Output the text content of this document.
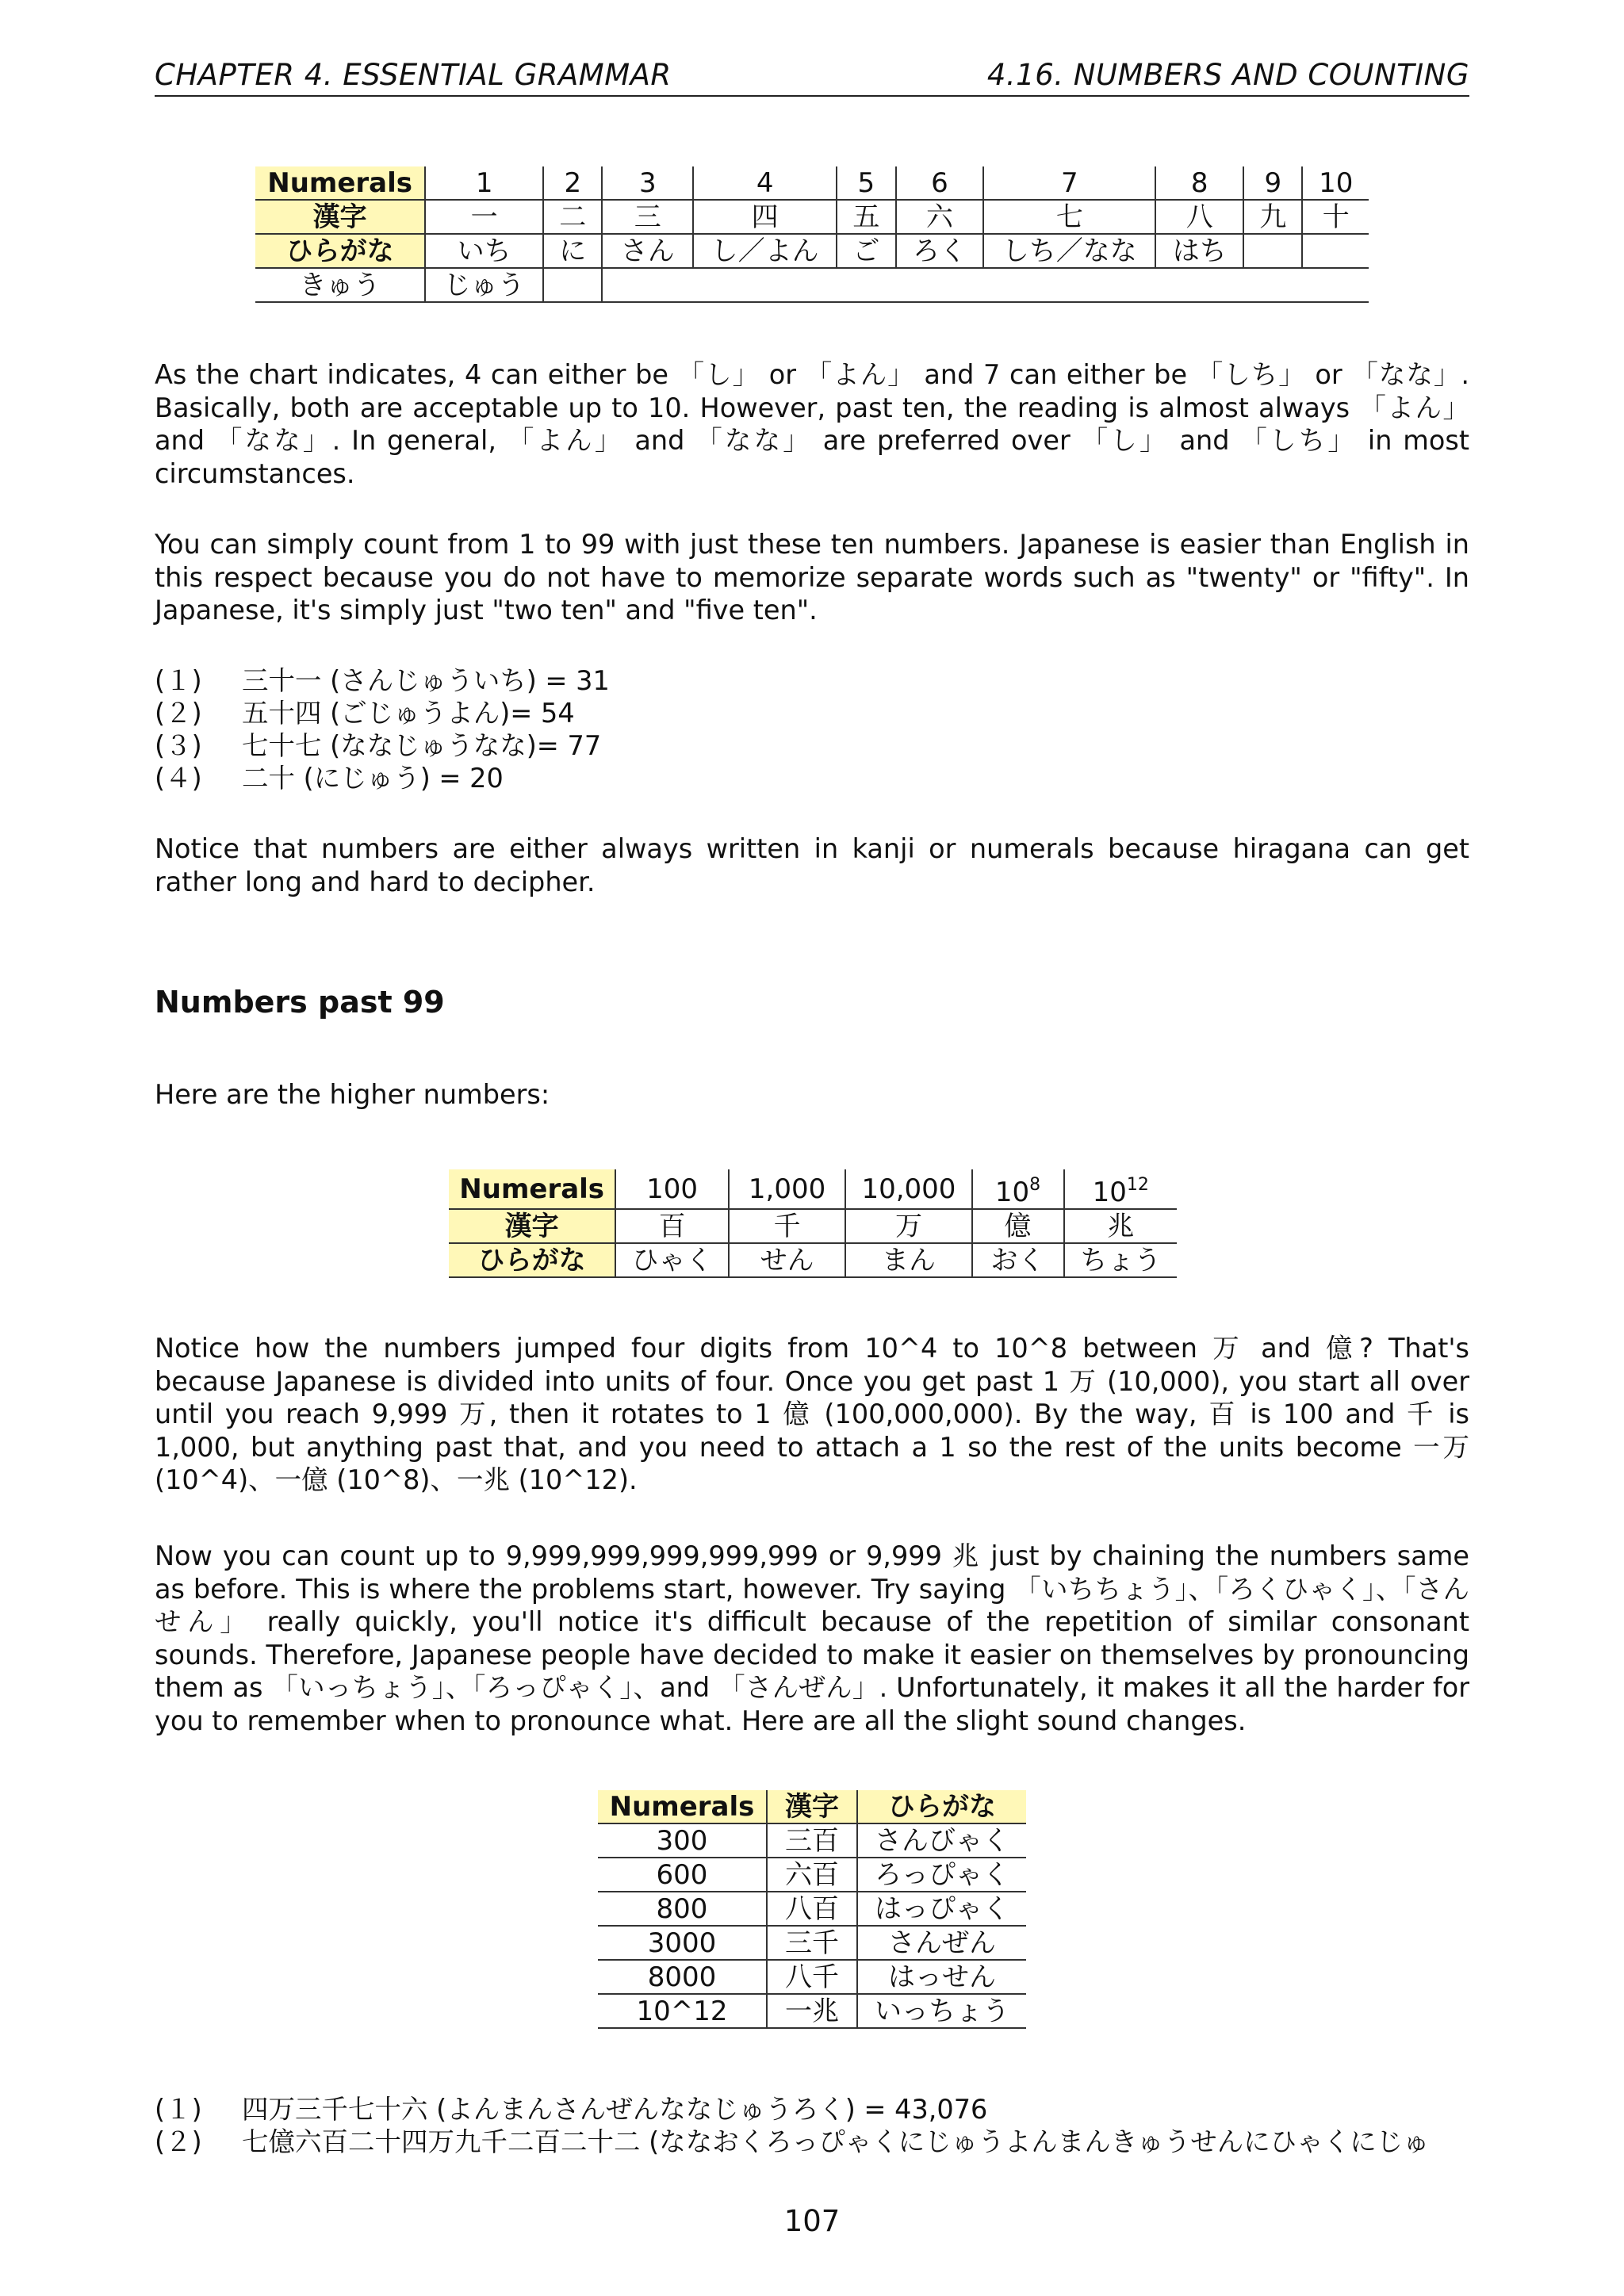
CHAPTER 4. ESSENTIAL GRAMMAR	4.16. NUMBERS AND COUNTING
Numerals	1	2	3	4	5	6	7	8	9	10
漢字	一	二	三	四	五	六	七	八	九	十
ひらがな	いち	に	さん	し／よん	ご	ろく	しち／なな	はち		
きゅう	じゅう									

As the chart indicates, 4 can either be 「し」 or 「よん」 and 7 can either be 「しち」 or 「なな」. Basically, both are acceptable up to 10. However, past ten, the reading is almost always 「よん」 and 「なな」. In general, 「よん」 and 「なな」 are preferred over 「し」 and 「しち」 in most circumstances.

You can simply count from 1 to 99 with just these ten numbers. Japanese is easier than English in this respect because you do not have to memorize separate words such as "twenty" or "fifty". In Japanese, it's simply just "two ten" and "five ten".

(１) 三十一 (さんじゅういち) = 31
(２) 五十四 (ごじゅうよん)= 54
(３) 七十七 (ななじゅうなな)= 77
(４) 二十 (にじゅう) = 20

Notice that numbers are either always written in kanji or numerals because hiragana can get rather long and hard to decipher.

Numbers past 99

Here are the higher numbers:

Numerals	100	1,000	10,000	$10^8$	$10^{12}$
漢字	百	千	万	億	兆
ひらがな	ひゃく	せん	まん	おく	ちょう

Notice how the numbers jumped four digits from 10^4 to 10^8 between 万 and 億? That's because Japanese is divided into units of four. Once you get past 1 万 (10,000), you start all over until you reach 9,999 万, then it rotates to 1 億 (100,000,000). By the way, 百 is 100 and 千 is 1,000, but anything past that, and you need to attach a 1 so the rest of the units become 一万 (10^4)、一億 (10^8)、一兆 (10^12).

Now you can count up to 9,999,999,999,999,999 or 9,999 兆 just by chaining the numbers same as before. This is where the problems start, however. Try saying 「いちちょう」、「ろくひゃく」、「さんせん」 really quickly, you'll notice it's difficult because of the repetition of similar consonant sounds. Therefore, Japanese people have decided to make it easier on themselves by pronouncing them as 「いっちょう」、「ろっぴゃく」、and 「さんぜん」. Unfortunately, it makes it all the harder for you to remember when to pronounce what. Here are all the slight sound changes.

Numerals	漢字	ひらがな
300	三百	さんびゃく
600	六百	ろっぴゃく
800	八百	はっぴゃく
3000	三千	さんぜん
8000	八千	はっせん
10^12	一兆	いっちょう
(１) 四万三千七十六 (よんまんさんぜんななじゅうろく) = 43,076
(２) 七億六百二十四万九千二百二十二 (ななおくろっぴゃくにじゅうよんまんきゅうせんにひゃくにじゅ
107
